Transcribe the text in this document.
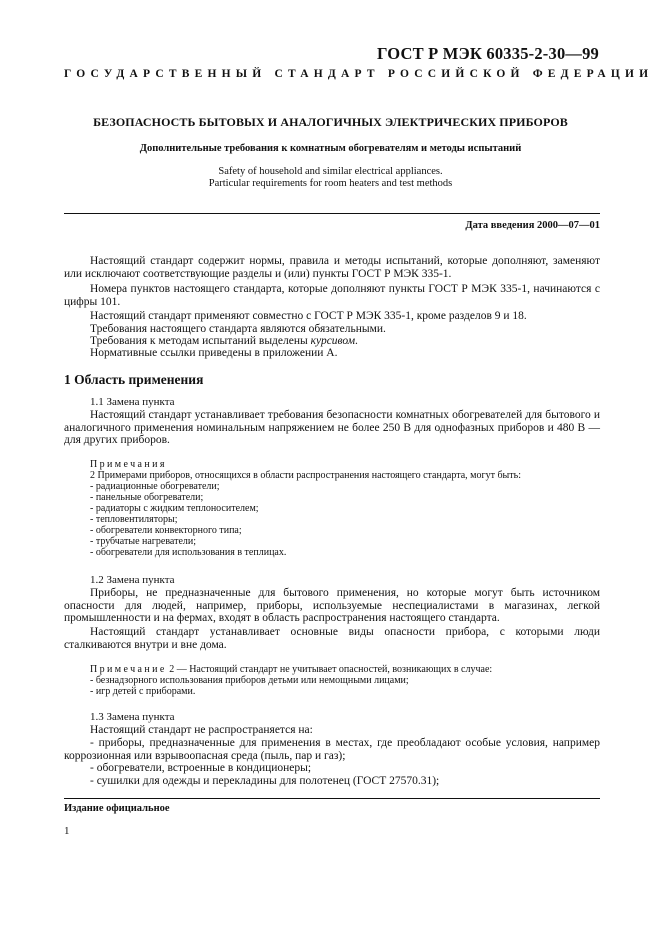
ГОСТ Р МЭК 60335-2-30—99
ГОСУДАРСТВЕННЫЙ СТАНДАРТ РОССИЙСКОЙ ФЕДЕРАЦИИ
БЕЗОПАСНОСТЬ БЫТОВЫХ И АНАЛОГИЧНЫХ ЭЛЕКТРИЧЕСКИХ ПРИБОРОВ
Дополнительные требования к комнатным обогревателям и методы испытаний
Safety of household and similar electrical appliances.
Particular requirements for room heaters and test methods
Дата введения 2000—07—01
Настоящий стандарт содержит нормы, правила и методы испытаний, которые дополняют, заменяют или исключают соответствующие разделы и (или) пункты ГОСТ Р МЭК 335-1.
Номера пунктов настоящего стандарта, которые дополняют пункты ГОСТ Р МЭК 335-1, начинаются с цифры 101.
Настоящий стандарт применяют совместно с ГОСТ Р МЭК 335-1, кроме разделов 9 и 18.
Требования настоящего стандарта являются обязательными.
Требования к методам испытаний выделены курсивом.
Нормативные ссылки приведены в приложении А.
1 Область применения
1.1 Замена пункта
Настоящий стандарт устанавливает требования безопасности комнатных обогревателей для бытового и аналогичного применения номинальным напряжением не более 250 В для однофазных приборов и 480 В — для других приборов.
Примечания
2 Примерами приборов, относящихся в области распространения настоящего стандарта, могут быть:
- радиационные обогреватели;
- панельные обогреватели;
- радиаторы с жидким теплоносителем;
- тепловентиляторы;
- обогреватели конвекторного типа;
- трубчатые нагреватели;
- обогреватели для использования в теплицах.
1.2 Замена пункта
Приборы, не предназначенные для бытового применения, но которые могут быть источником опасности для людей, например, приборы, используемые неспециалистами в магазинах, легкой промышленности и на фермах, входят в область распространения настоящего стандарта.
Настоящий стандарт устанавливает основные виды опасности прибора, с которыми люди сталкиваются внутри и вне дома.
Примечание 2 — Настоящий стандарт не учитывает опасностей, возникающих в случае:
- безнадзорного использования приборов детьми или немощными лицами;
- игр детей с приборами.
1.3 Замена пункта
Настоящий стандарт не распространяется на:
- приборы, предназначенные для применения в местах, где преобладают особые условия, например коррозионная или взрывоопасная среда (пыль, пар и газ);
- обогреватели, встроенные в кондиционеры;
- сушилки для одежды и перекладины для полотенец (ГОСТ 27570.31);
Издание официальное
1
